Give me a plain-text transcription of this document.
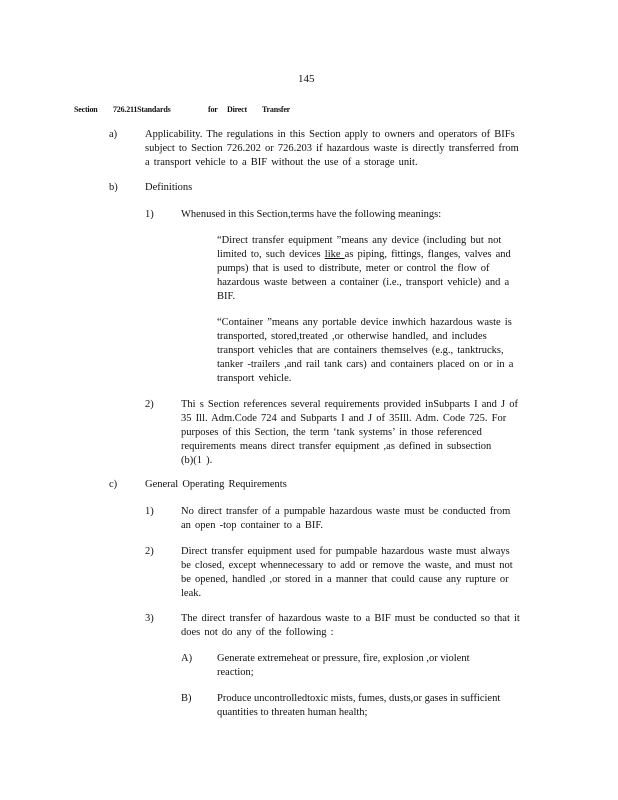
145
Section 726.211Standards	for Direct Transfer
a)	Applicability. The regulations in this Section apply to owners and operators of BIFs
subject to Section 726.202 or 726.203 if hazardous waste is directly transferred from
a transport vehicle to a BIF without the use of a storage unit.
b)	Definitions
1)	Whenused in this Section,terms have the following meanings:
“Direct transfer equipment ”means any device (including but not
limited to, such devices like as piping, fittings, flanges, valves and
pumps) that is used to distribute, meter or control the flow of
hazardous waste between a container (i.e., transport vehicle) and a
BIF.
“Container ”means any portable device inwhich hazardous waste is
transported, stored,treated ,or otherwise handled, and includes
transport vehicles that are containers themselves (e.g., tanktrucks,
tanker -trailers ,and rail tank cars) and containers placed on or in a
transport vehicle.
2)	Thi s Section references several requirements provided inSubparts I and J of
35 Ill. Adm.Code 724 and Subparts I and J of 35Ill. Adm. Code 725. For
purposes of this Section, the term ‘tank systems’ in those referenced
requirements means direct transfer equipment ,as defined in subsection
(b)(1 ).
c)	General Operating Requirements
1)	No direct transfer of a pumpable hazardous waste must be conducted from
an open -top container to a BIF.
2)	Direct transfer equipment used for pumpable hazardous waste must always
be closed, except whennecessary to add or remove the waste, and must not
be opened, handled ,or stored in a manner that could cause any rupture or
leak.
3)	The direct transfer of hazardous waste to a BIF must be conducted so that it
does not do any of the following :
A) Generate extremeheat or pressure, fire, explosion ,or violent
reaction;
B) Produce uncontrolledtoxic mists, fumes, dusts,or gases in sufficient
quantities to threaten human health;
